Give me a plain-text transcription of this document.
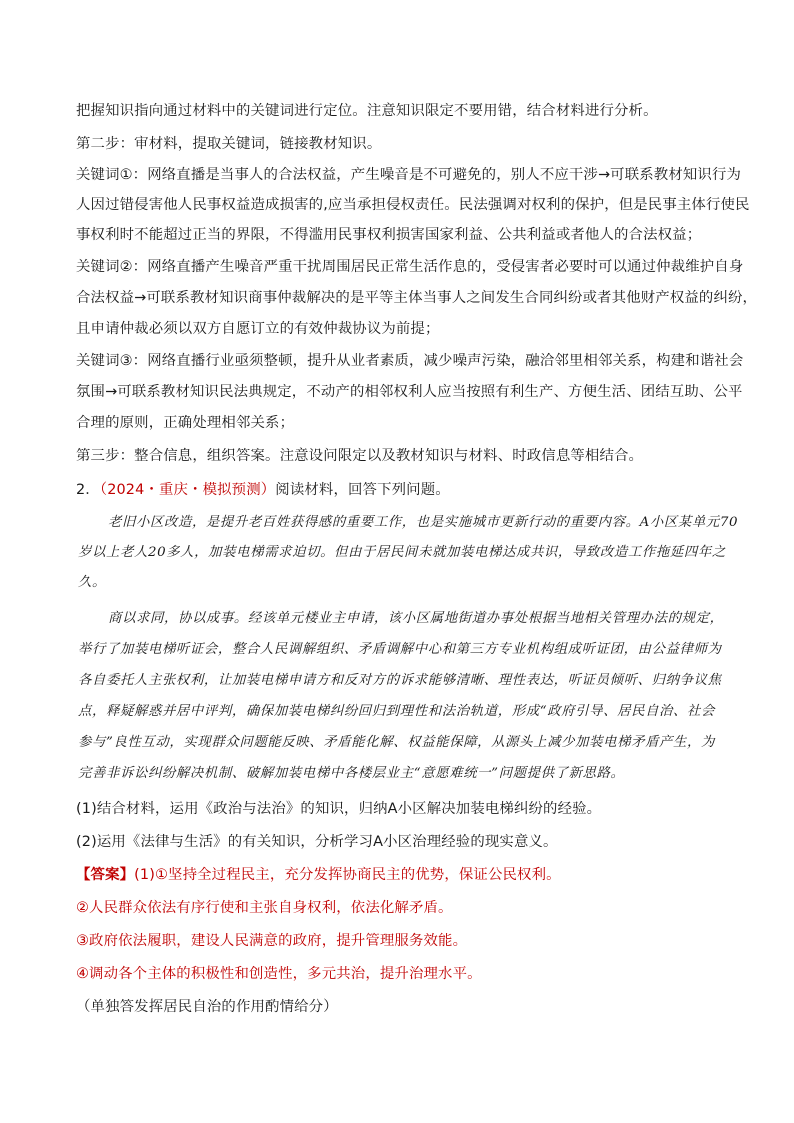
把握知识指向通过材料中的关键词进行定位。注意知识限定不要用错，结合材料进行分析。
第二步：审材料，提取关键词，链接教材知识。
关键词①：网络直播是当事人的合法权益，产生噪音是不可避免的，别人不应干涉→可联系教材知识行为
人因过错侵害他人民事权益造成损害的,应当承担侵权责任。民法强调对权利的保护，但是民事主体行使民
事权利时不能超过正当的界限，不得滥用民事权利损害国家利益、公共利益或者他人的合法权益；
关键词②：网络直播产生噪音严重干扰周围居民正常生活作息的，受侵害者必要时可以通过仲裁维护自身
合法权益→可联系教材知识商事仲裁解决的是平等主体当事人之间发生合同纠纷或者其他财产权益的纠纷，
且申请仲裁必须以双方自愿订立的有效仲裁协议为前提；
关键词③：网络直播行业亟须整顿，提升从业者素质，减少噪声污染，融洽邻里相邻关系，构建和谐社会
氛围→可联系教材知识民法典规定，不动产的相邻权利人应当按照有利生产、方便生活、团结互助、公平
合理的原则，正确处理相邻关系；
第三步：整合信息，组织答案。注意设问限定以及教材知识与材料、时政信息等相结合。
2．（2024・重庆・模拟预测）阅读材料，回答下列问题。
老旧小区改造，是提升老百姓获得感的重要工作，也是实施城市更新行动的重要内容。A小区某单元70
岁以上老人20多人，加装电梯需求迫切。但由于居民间未就加装电梯达成共识，导致改造工作拖延四年之
久。
商以求同，协以成事。经该单元楼业主申请，该小区属地街道办事处根据当地相关管理办法的规定，
举行了加装电梯听证会，整合人民调解组织、矛盾调解中心和第三方专业机构组成听证团，由公益律师为
各自委托人主张权利，让加装电梯申请方和反对方的诉求能够清晰、理性表达，听证员倾听、归纳争议焦
点，释疑解惑并居中评判，确保加装电梯纠纷回归到理性和法治轨道，形成“政府引导、居民自治、社会
参与”良性互动，实现群众问题能反映、矛盾能化解、权益能保障，从源头上减少加装电梯矛盾产生，为
完善非诉讼纠纷解决机制、破解加装电梯中各楼层业主“意愿难统一”问题提供了新思路。
(1)结合材料，运用《政治与法治》的知识，归纳A小区解决加装电梯纠纷的经验。
(2)运用《法律与生活》的有关知识，分析学习A小区治理经验的现实意义。
【答案】(1)①坚持全过程民主，充分发挥协商民主的优势，保证公民权利。
②人民群众依法有序行使和主张自身权利，依法化解矛盾。
③政府依法履职，建设人民满意的政府，提升管理服务效能。
④调动各个主体的积极性和创造性，多元共治，提升治理水平。
（单独答发挥居民自治的作用酌情给分）
